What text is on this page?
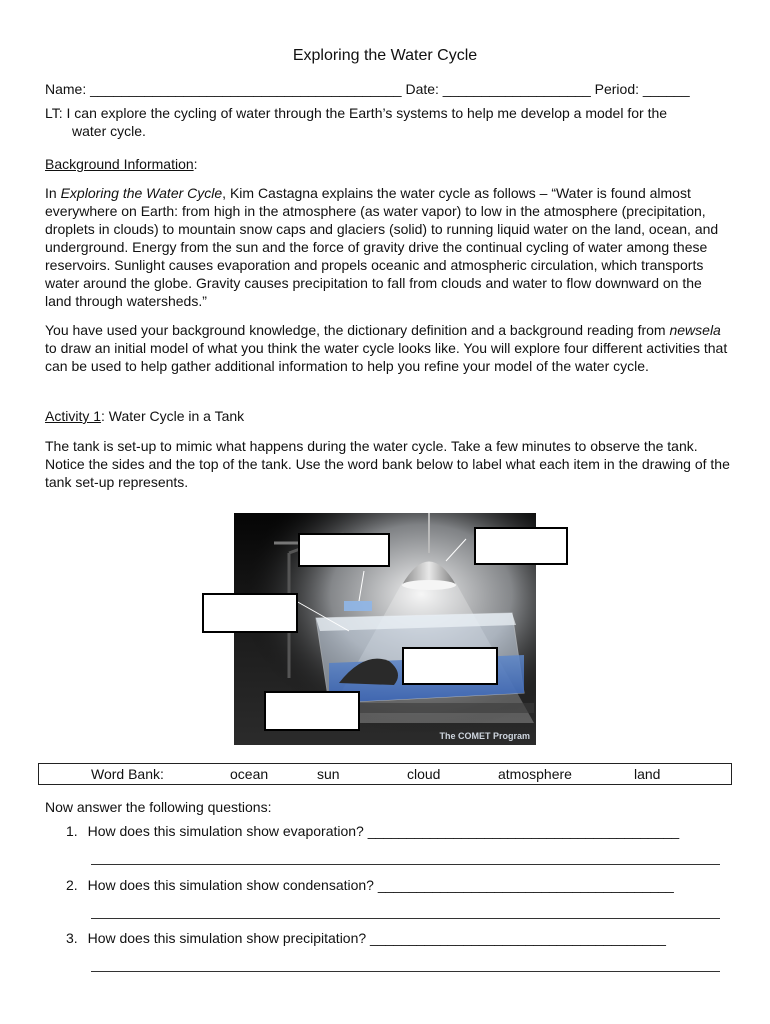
Exploring the Water Cycle
Name: ________________________________________ Date: ___________________ Period: ______
LT: I can explore the cycling of water through the Earth’s systems to help me develop a model for the
water cycle.
Background Information:
In Exploring the Water Cycle, Kim Castagna explains the water cycle as follows – “Water is found almost everywhere on Earth: from high in the atmosphere (as water vapor) to low in the atmosphere (precipitation, droplets in clouds) to mountain snow caps and glaciers (solid) to running liquid water on the land, ocean, and underground. Energy from the sun and the force of gravity drive the continual cycling of water among these reservoirs. Sunlight causes evaporation and propels oceanic and atmospheric circulation, which transports water around the globe. Gravity causes precipitation to fall from clouds and water to flow downward on the land through watersheds.”
You have used your background knowledge, the dictionary definition and a background reading from newsela to draw an initial model of what you think the water cycle looks like. You will explore four different activities that can be used to help gather additional information to help you refine your model of the water cycle.
Activity 1: Water Cycle in a Tank
The tank is set-up to mimic what happens during the water cycle. Take a few minutes to observe the tank. Notice the sides and the top of the tank. Use the word bank below to label what each item in the drawing of the tank set-up represents.
The COMET Program
Word Bank:	ocean	sun	cloud	atmosphere	land
Now answer the following questions:
1. How does this simulation show evaporation? ________________________________________
2. How does this simulation show condensation? ______________________________________
3. How does this simulation show precipitation? ______________________________________
